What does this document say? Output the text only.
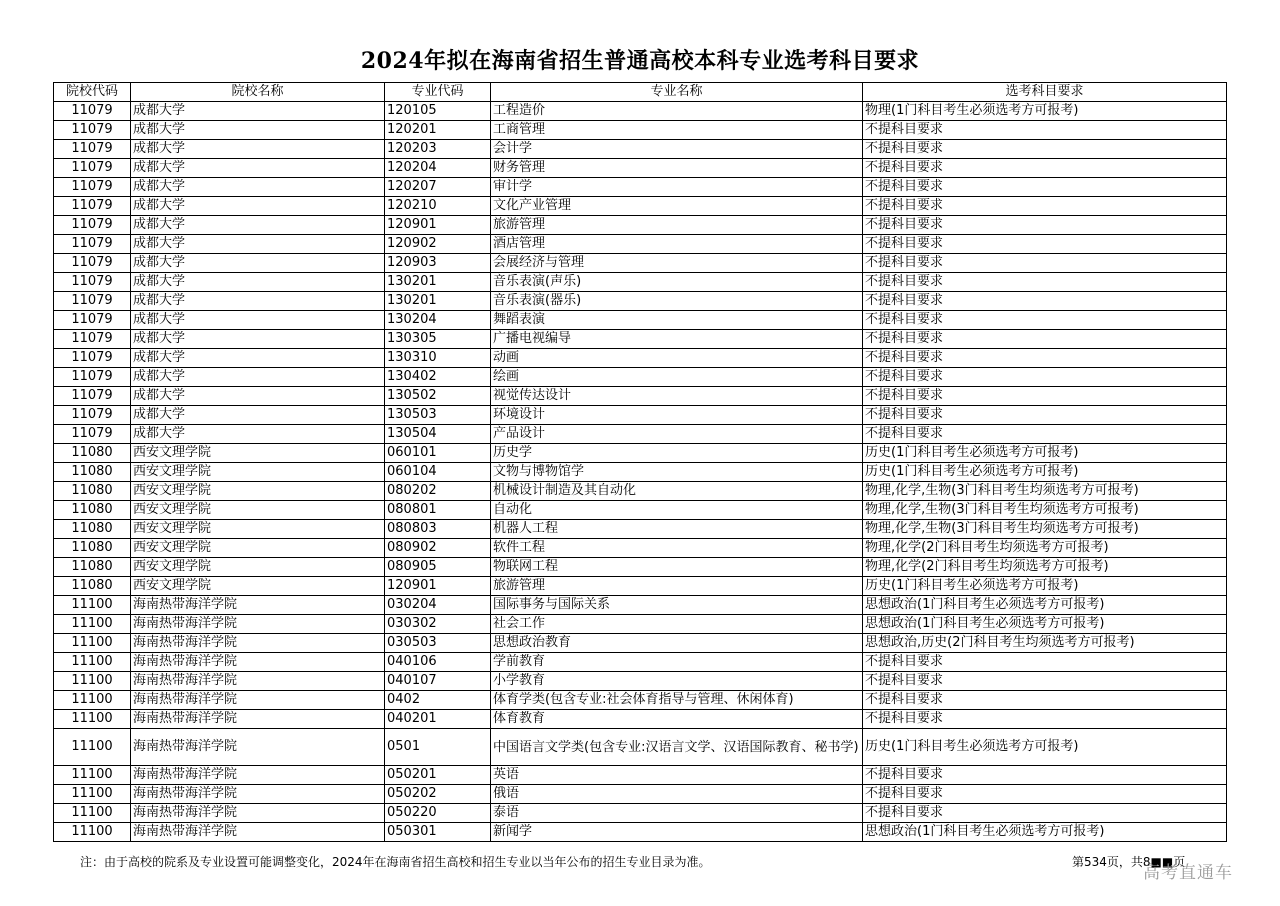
2024年拟在海南省招生普通高校本科专业选考科目要求
院校代码	院校名称	专业代码	专业名称	选考科目要求
11079	成都大学	120105	工程造价	物理(1门科目考生必须选考方可报考)
11079	成都大学	120201	工商管理	不提科目要求
11079	成都大学	120203	会计学	不提科目要求
11079	成都大学	120204	财务管理	不提科目要求
11079	成都大学	120207	审计学	不提科目要求
11079	成都大学	120210	文化产业管理	不提科目要求
11079	成都大学	120901	旅游管理	不提科目要求
11079	成都大学	120902	酒店管理	不提科目要求
11079	成都大学	120903	会展经济与管理	不提科目要求
11079	成都大学	130201	音乐表演(声乐)	不提科目要求
11079	成都大学	130201	音乐表演(器乐)	不提科目要求
11079	成都大学	130204	舞蹈表演	不提科目要求
11079	成都大学	130305	广播电视编导	不提科目要求
11079	成都大学	130310	动画	不提科目要求
11079	成都大学	130402	绘画	不提科目要求
11079	成都大学	130502	视觉传达设计	不提科目要求
11079	成都大学	130503	环境设计	不提科目要求
11079	成都大学	130504	产品设计	不提科目要求
11080	西安文理学院	060101	历史学	历史(1门科目考生必须选考方可报考)
11080	西安文理学院	060104	文物与博物馆学	历史(1门科目考生必须选考方可报考)
11080	西安文理学院	080202	机械设计制造及其自动化	物理,化学,生物(3门科目考生均须选考方可报考)
11080	西安文理学院	080801	自动化	物理,化学,生物(3门科目考生均须选考方可报考)
11080	西安文理学院	080803	机器人工程	物理,化学,生物(3门科目考生均须选考方可报考)
11080	西安文理学院	080902	软件工程	物理,化学(2门科目考生均须选考方可报考)
11080	西安文理学院	080905	物联网工程	物理,化学(2门科目考生均须选考方可报考)
11080	西安文理学院	120901	旅游管理	历史(1门科目考生必须选考方可报考)
11100	海南热带海洋学院	030204	国际事务与国际关系	思想政治(1门科目考生必须选考方可报考)
11100	海南热带海洋学院	030302	社会工作	思想政治(1门科目考生必须选考方可报考)
11100	海南热带海洋学院	030503	思想政治教育	思想政治,历史(2门科目考生均须选考方可报考)
11100	海南热带海洋学院	040106	学前教育	不提科目要求
11100	海南热带海洋学院	040107	小学教育	不提科目要求
11100	海南热带海洋学院	0402	体育学类(包含专业:社会体育指导与管理、休闲体育)	不提科目要求
11100	海南热带海洋学院	040201	体育教育	不提科目要求
11100	海南热带海洋学院	0501	中国语言文学类(包含专业:汉语言文学、汉语国际教育、秘书学)	历史(1门科目考生必须选考方可报考)
11100	海南热带海洋学院	050201	英语	不提科目要求
11100	海南热带海洋学院	050202	俄语	不提科目要求
11100	海南热带海洋学院	050220	泰语	不提科目要求
11100	海南热带海洋学院	050301	新闻学	思想政治(1门科目考生必须选考方可报考)
注：由于高校的院系及专业设置可能调整变化，2024年在海南省招生高校和招生专业以当年公布的招生专业目录为准。	第534页，共8■■页
高考直通车
